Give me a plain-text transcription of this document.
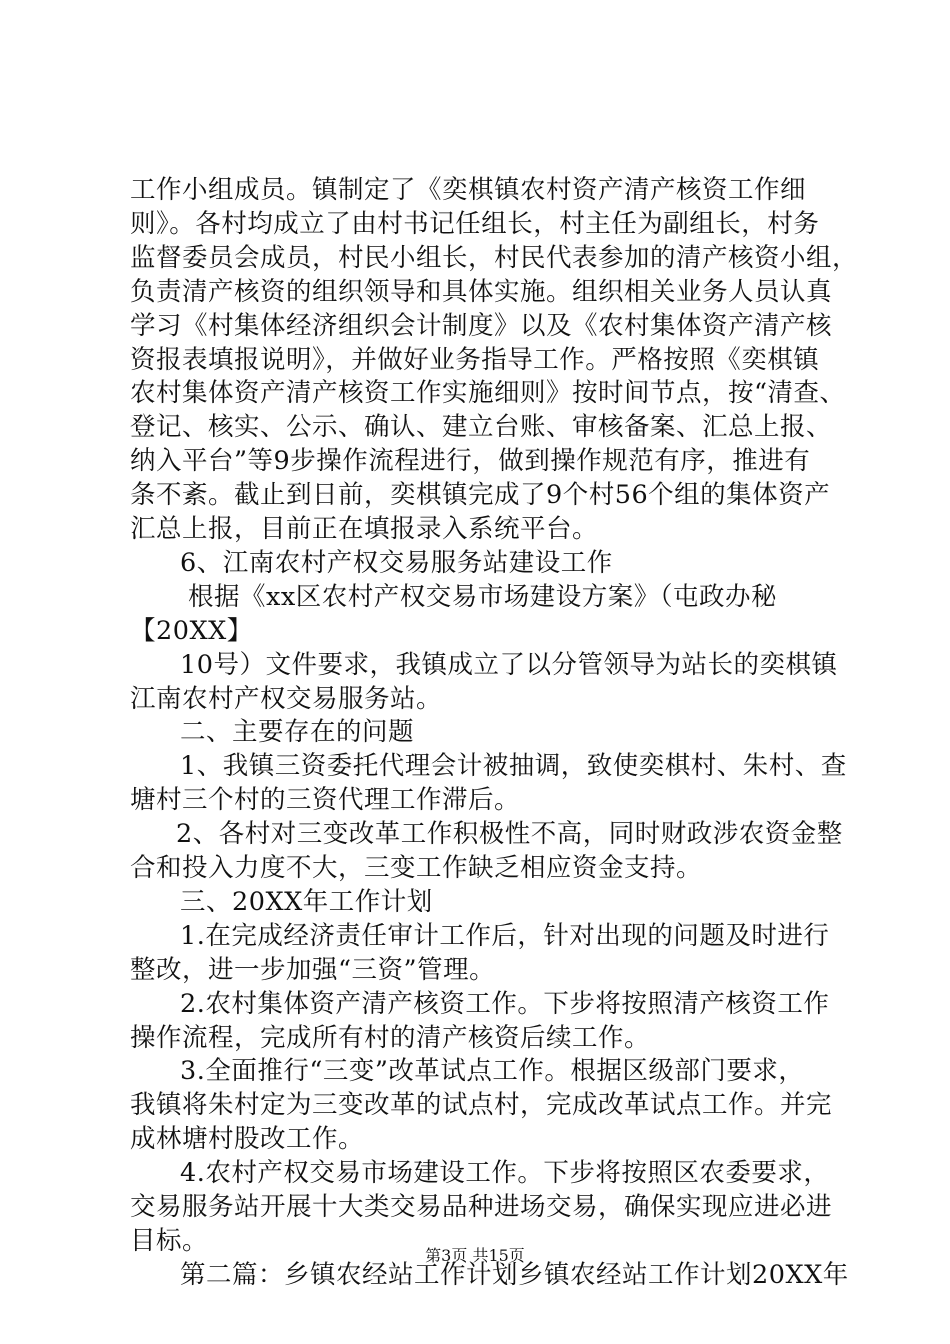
工作小组成员。镇制定了《奕棋镇农村资产清产核资工作细
则》。各村均成立了由村书记任组长，村主任为副组长，村务
监督委员会成员，村民小组长，村民代表参加的清产核资小组，
负责清产核资的组织领导和具体实施。组织相关业务人员认真
学习《村集体经济组织会计制度》以及《农村集体资产清产核
资报表填报说明》，并做好业务指导工作。严格按照《奕棋镇
农村集体资产清产核资工作实施细则》按时间节点，按“清查、
登记、核实、公示、确认、建立台账、审核备案、汇总上报、
纳入平台”等9步操作流程进行，做到操作规范有序，推进有
条不紊。截止到日前，奕棋镇完成了9个村56个组的集体资产
汇总上报，目前正在填报录入系统平台。
6、江南农村产权交易服务站建设工作
根据《xx区农村产权交易市场建设方案》（屯政办秘
【20XX】
10号）文件要求，我镇成立了以分管领导为站长的奕棋镇
江南农村产权交易服务站。
二、主要存在的问题
1、我镇三资委托代理会计被抽调，致使奕棋村、朱村、查
塘村三个村的三资代理工作滞后。
2、各村对三变改革工作积极性不高，同时财政涉农资金整
合和投入力度不大，三变工作缺乏相应资金支持。
三、20XX年工作计划
1.在完成经济责任审计工作后，针对出现的问题及时进行
整改，进一步加强“三资”管理。
2.农村集体资产清产核资工作。下步将按照清产核资工作
操作流程，完成所有村的清产核资后续工作。
3.全面推行“三变”改革试点工作。根据区级部门要求，
我镇将朱村定为三变改革的试点村，完成改革试点工作。并完
成林塘村股改工作。
4.农村产权交易市场建设工作。下步将按照区农委要求，
交易服务站开展十大类交易品种进场交易，确保实现应进必进
目标。
第二篇：乡镇农经站工作计划乡镇农经站工作计划20XX年
第3页 共15页
